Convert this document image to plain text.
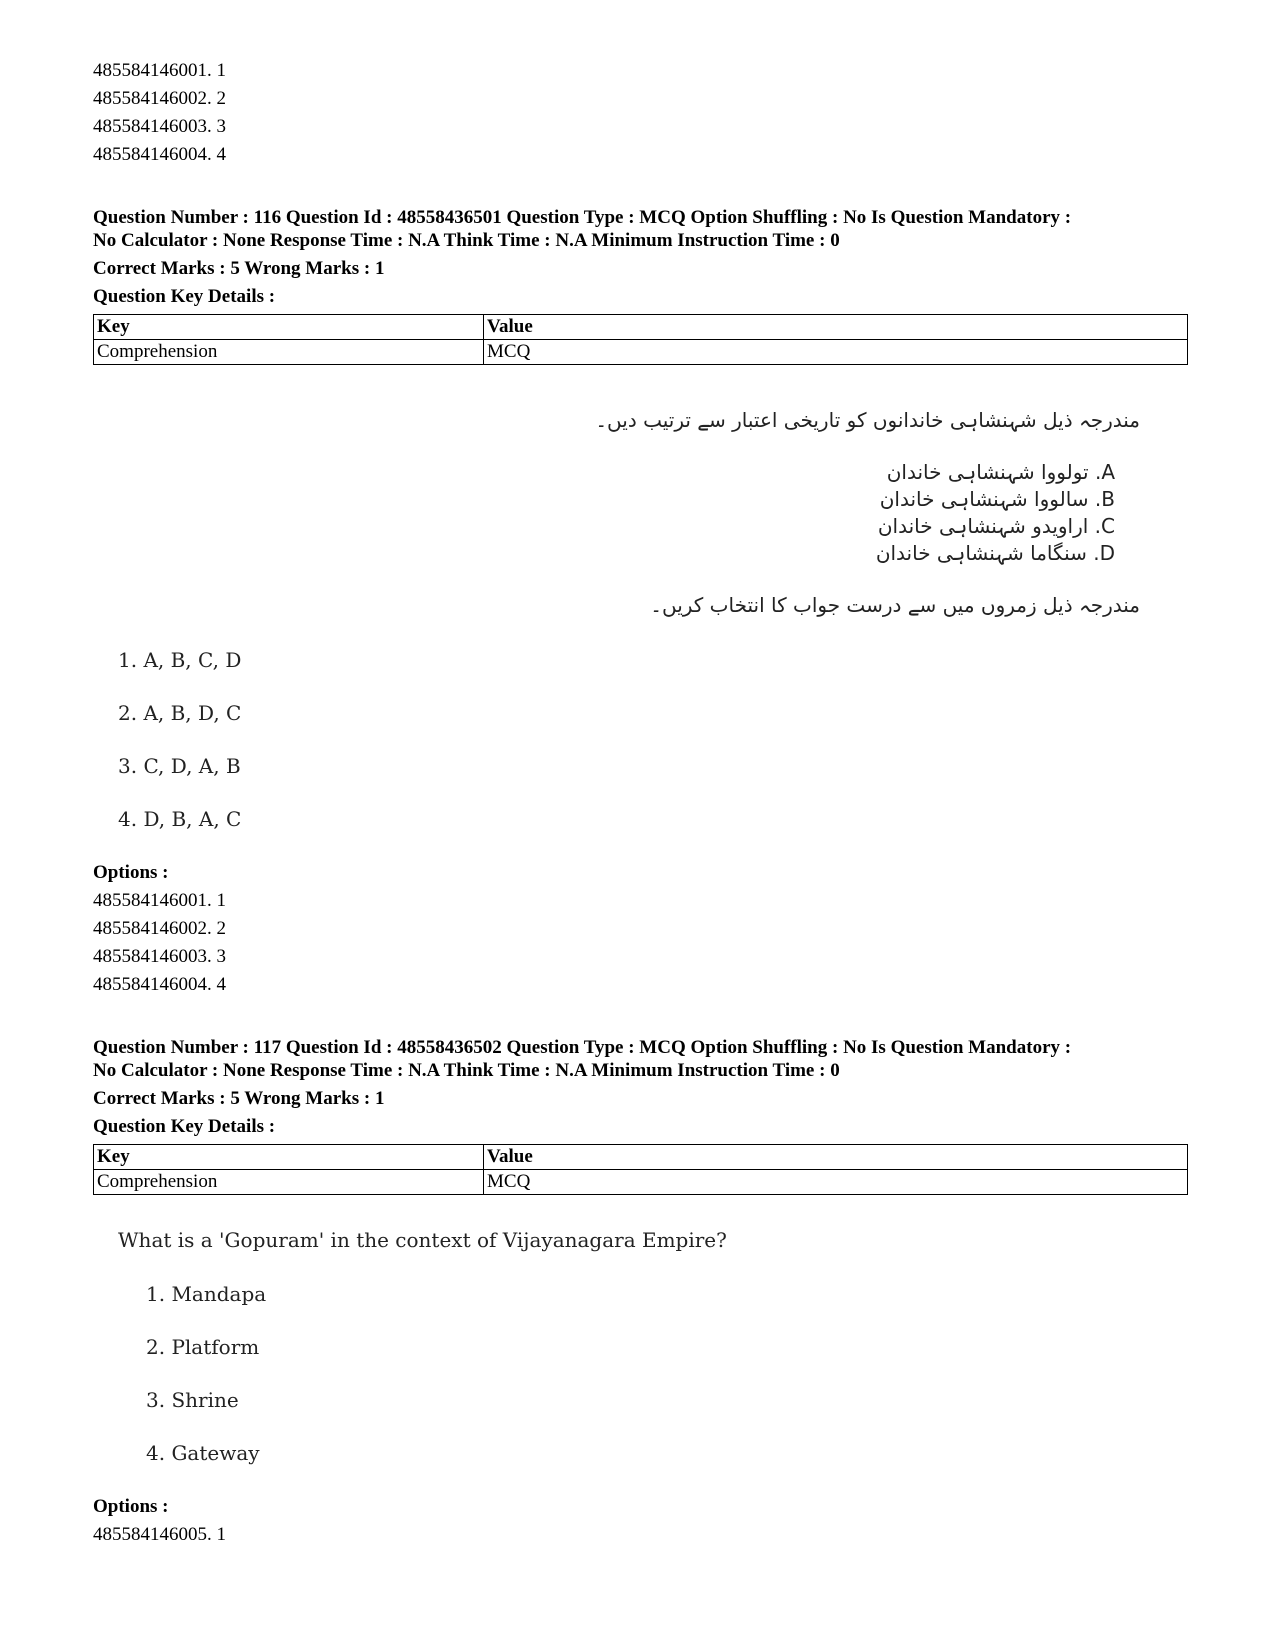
485584146001. 1
485584146002. 2
485584146003. 3
485584146004. 4
Question Number : 116 Question Id : 48558436501 Question Type : MCQ Option Shuffling : No Is Question Mandatory :
No Calculator : None Response Time : N.A Think Time : N.A Minimum Instruction Time : 0
Correct Marks : 5 Wrong Marks : 1
Question Key Details :
Key	Value
Comprehension	MCQ
مندرجہ ذیل شہنشاہی خاندانوں کو تاریخی اعتبار سے ترتیب دیں۔
A. تولووا شہنشاہی خاندان
B. سالووا شہنشاہی خاندان
C. اراویدو شہنشاہی خاندان
D. سنگاما شہنشاہی خاندان
مندرجہ ذیل زمروں میں سے درست جواب کا انتخاب کریں۔
1. A, B, C, D
2. A, B, D, C
3. C, D, A, B
4. D, B, A, C
Options :
485584146001. 1
485584146002. 2
485584146003. 3
485584146004. 4
Question Number : 117 Question Id : 48558436502 Question Type : MCQ Option Shuffling : No Is Question Mandatory :
No Calculator : None Response Time : N.A Think Time : N.A Minimum Instruction Time : 0
Correct Marks : 5 Wrong Marks : 1
Question Key Details :
Key	Value
Comprehension	MCQ
What is a 'Gopuram' in the context of Vijayanagara Empire?
1. Mandapa
2. Platform
3. Shrine
4. Gateway
Options :
485584146005. 1
